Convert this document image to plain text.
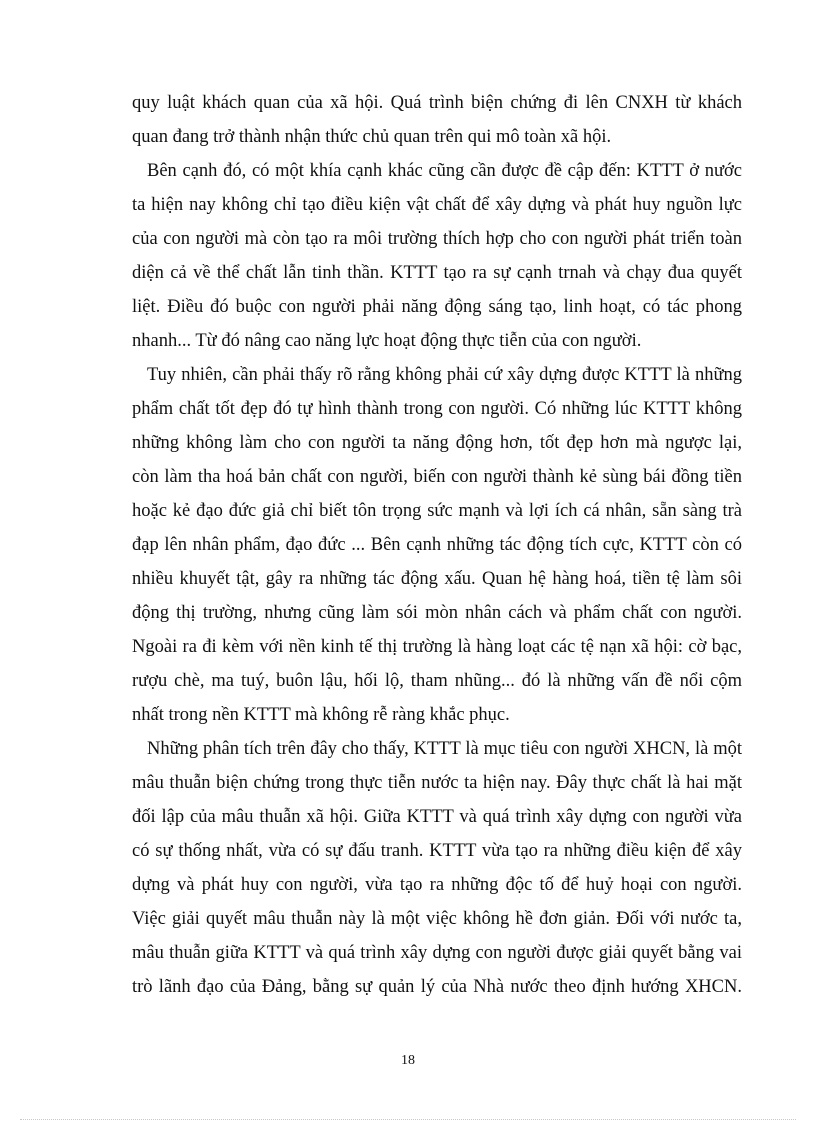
quy luật khách quan của xã hội. Quá trình biện chứng đi lên CNXH từ khách
quan đang trở thành nhận thức chủ quan trên qui mô toàn xã hội.
Bên cạnh đó, có một khía cạnh khác cũng cần được đề cập đến: KTTT ở nước
ta hiện nay không chỉ tạo điều kiện vật chất để xây dựng và phát huy nguồn lực
của con người mà còn tạo ra môi trường thích hợp cho con người phát triển toàn
diện cả về thể chất lẫn tinh thần. KTTT tạo ra sự cạnh trnah và chạy đua quyết
liệt. Điều đó buộc con người phải năng động sáng tạo, linh hoạt, có tác phong
nhanh... Từ đó nâng cao năng lực hoạt động thực tiễn của con người.
Tuy nhiên, cần phải thấy rõ rằng không phải cứ xây dựng được KTTT là những
phẩm chất tốt đẹp đó tự hình thành trong con người. Có những lúc KTTT không
những không làm cho con người ta năng động hơn, tốt đẹp hơn mà ngược lại,
còn làm tha hoá bản chất con người, biến con người thành kẻ sùng bái đồng tiền
hoặc kẻ đạo đức giả chỉ biết tôn trọng sức mạnh và lợi ích cá nhân, sẵn sàng trà
đạp lên nhân phẩm, đạo đức ... Bên cạnh những tác động tích cực, KTTT còn có
nhiều khuyết tật, gây ra những tác động xấu. Quan hệ hàng hoá, tiền tệ làm sôi
động thị trường, nhưng cũng làm sói mòn nhân cách và phẩm chất con người.
Ngoài ra đi kèm với nền kinh tế thị trường là hàng loạt các tệ nạn xã hội: cờ bạc,
rượu chè, ma tuý, buôn lậu, hối lộ, tham nhũng... đó là những vấn đề nổi cộm
nhất trong nền KTTT mà không rễ ràng khắc phục.
Những phân tích trên đây cho thấy, KTTT là mục tiêu con người XHCN, là một
mâu thuẫn biện chứng trong thực tiễn nước ta hiện nay. Đây thực chất là hai mặt
đối lập của mâu thuẫn xã hội. Giữa KTTT và quá trình xây dựng con người vừa
có sự thống nhất, vừa có sự đấu tranh. KTTT vừa tạo ra những điều kiện để xây
dựng và phát huy con người, vừa tạo ra những độc tố để huỷ hoại con người.
Việc giải quyết mâu thuẫn này là một việc không hề đơn giản. Đối với nước ta,
mâu thuẫn giữa KTTT và quá trình xây dựng con người được giải quyết bằng vai
trò lãnh đạo của Đảng, bằng sự quản lý của Nhà nước theo định hướng XHCN.
18
